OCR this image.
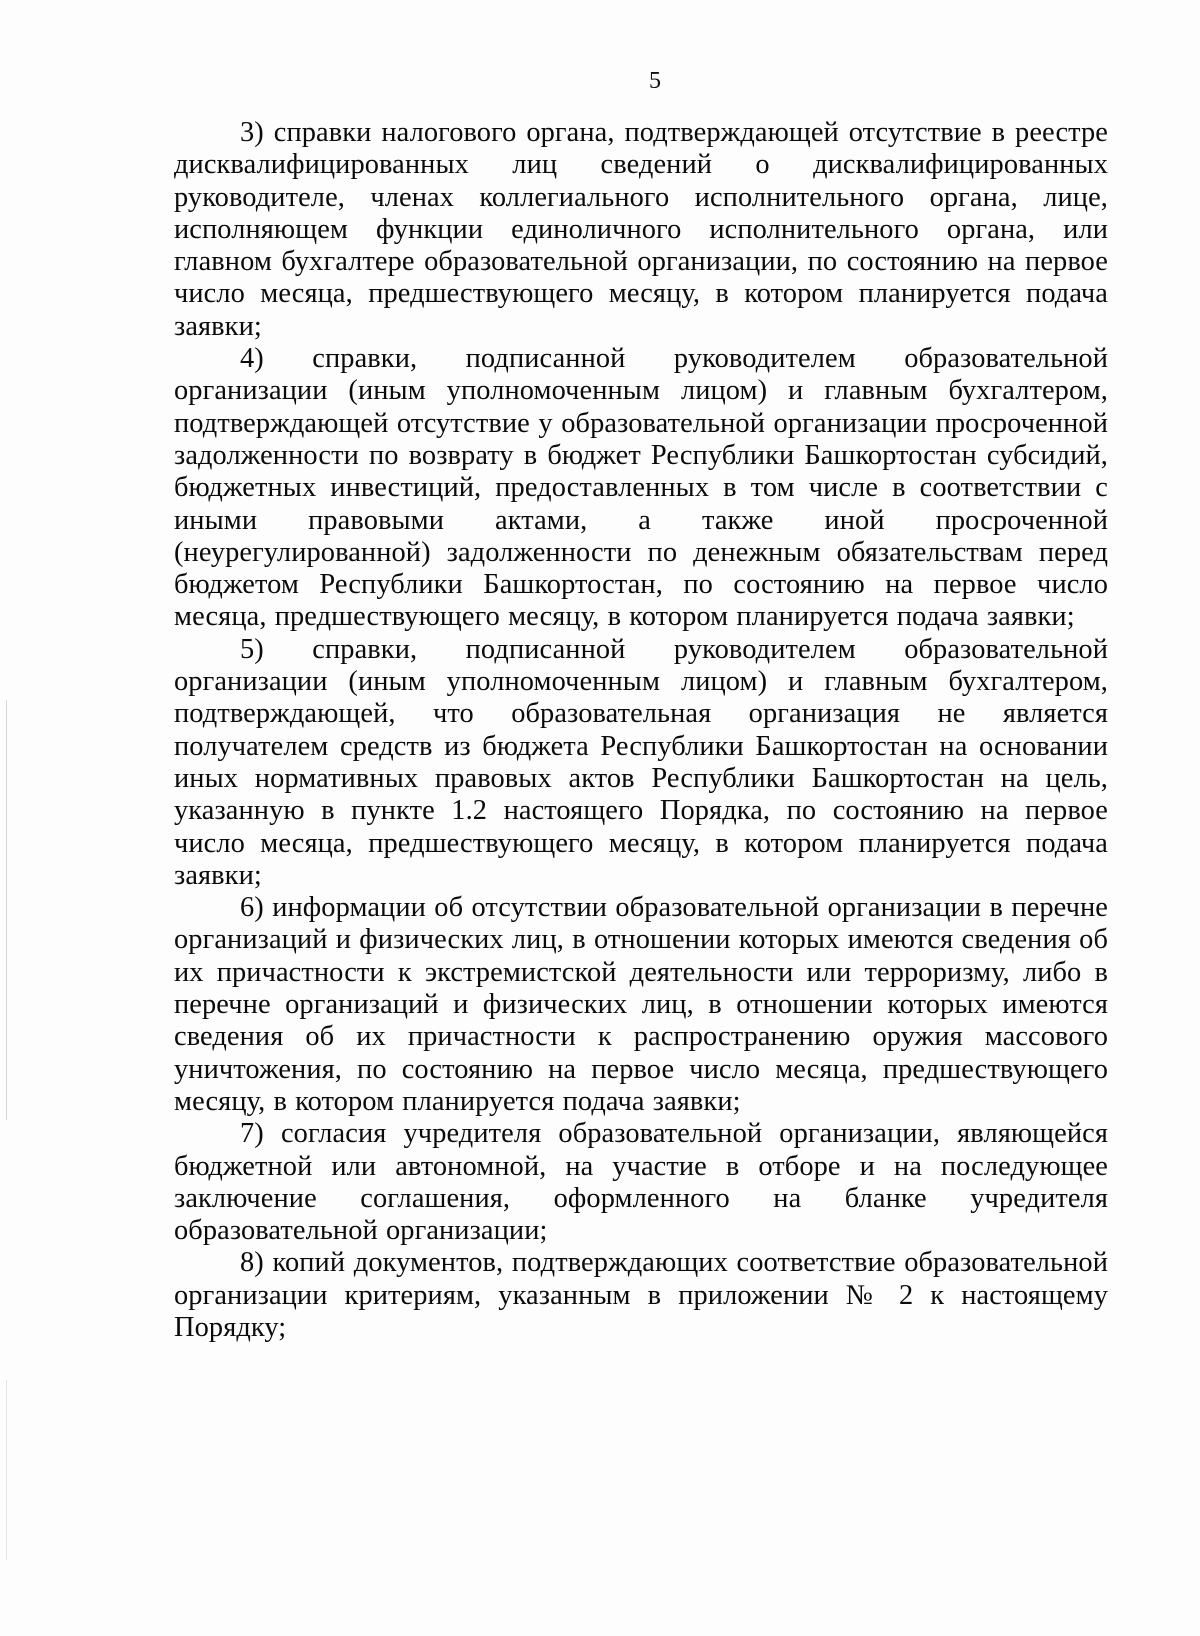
5

3) справки налогового органа, подтверждающей отсутствие в реестре дисквалифицированных лиц сведений о дисквалифицированных руководителе, членах коллегиального исполнительного органа, лице, исполняющем функции единоличного исполнительного органа, или главном бухгалтере образовательной организации, по состоянию на первое число месяца, предшествующего месяцу, в котором планируется подача заявки;

4) справки, подписанной руководителем образовательной организации (иным уполномоченным лицом) и главным бухгалтером, подтверждающей отсутствие у образовательной организации просроченной задолженности по возврату в бюджет Республики Башкортостан субсидий, бюджетных инвестиций, предоставленных в том числе в соответствии с иными правовыми актами, а также иной просроченной (неурегулированной) задолженности по денежным обязательствам перед бюджетом Республики Башкортостан, по состоянию на первое число месяца, предшествующего месяцу, в котором планируется подача заявки;

5) справки, подписанной руководителем образовательной организации (иным уполномоченным лицом) и главным бухгалтером, подтверждающей, что образовательная организация не является получателем средств из бюджета Республики Башкортостан на основании иных нормативных правовых актов Республики Башкортостан на цель, указанную в пункте 1.2 настоящего Порядка, по состоянию на первое число месяца, предшествующего месяцу, в котором планируется подача заявки;

6) информации об отсутствии образовательной организации в перечне организаций и физических лиц, в отношении которых имеются сведения об их причастности к экстремистской деятельности или терроризму, либо в перечне организаций и физических лиц, в отношении которых имеются сведения об их причастности к распространению оружия массового уничтожения, по состоянию на первое число месяца, предшествующего месяцу, в котором планируется подача заявки;

7) согласия учредителя образовательной организации, являющейся бюджетной или автономной, на участие в отборе и на последующее заключение соглашения, оформленного на бланке учредителя образовательной организации;

8) копий документов, подтверждающих соответствие образовательной организации критериям, указанным в приложении № 2 к настоящему Порядку;
